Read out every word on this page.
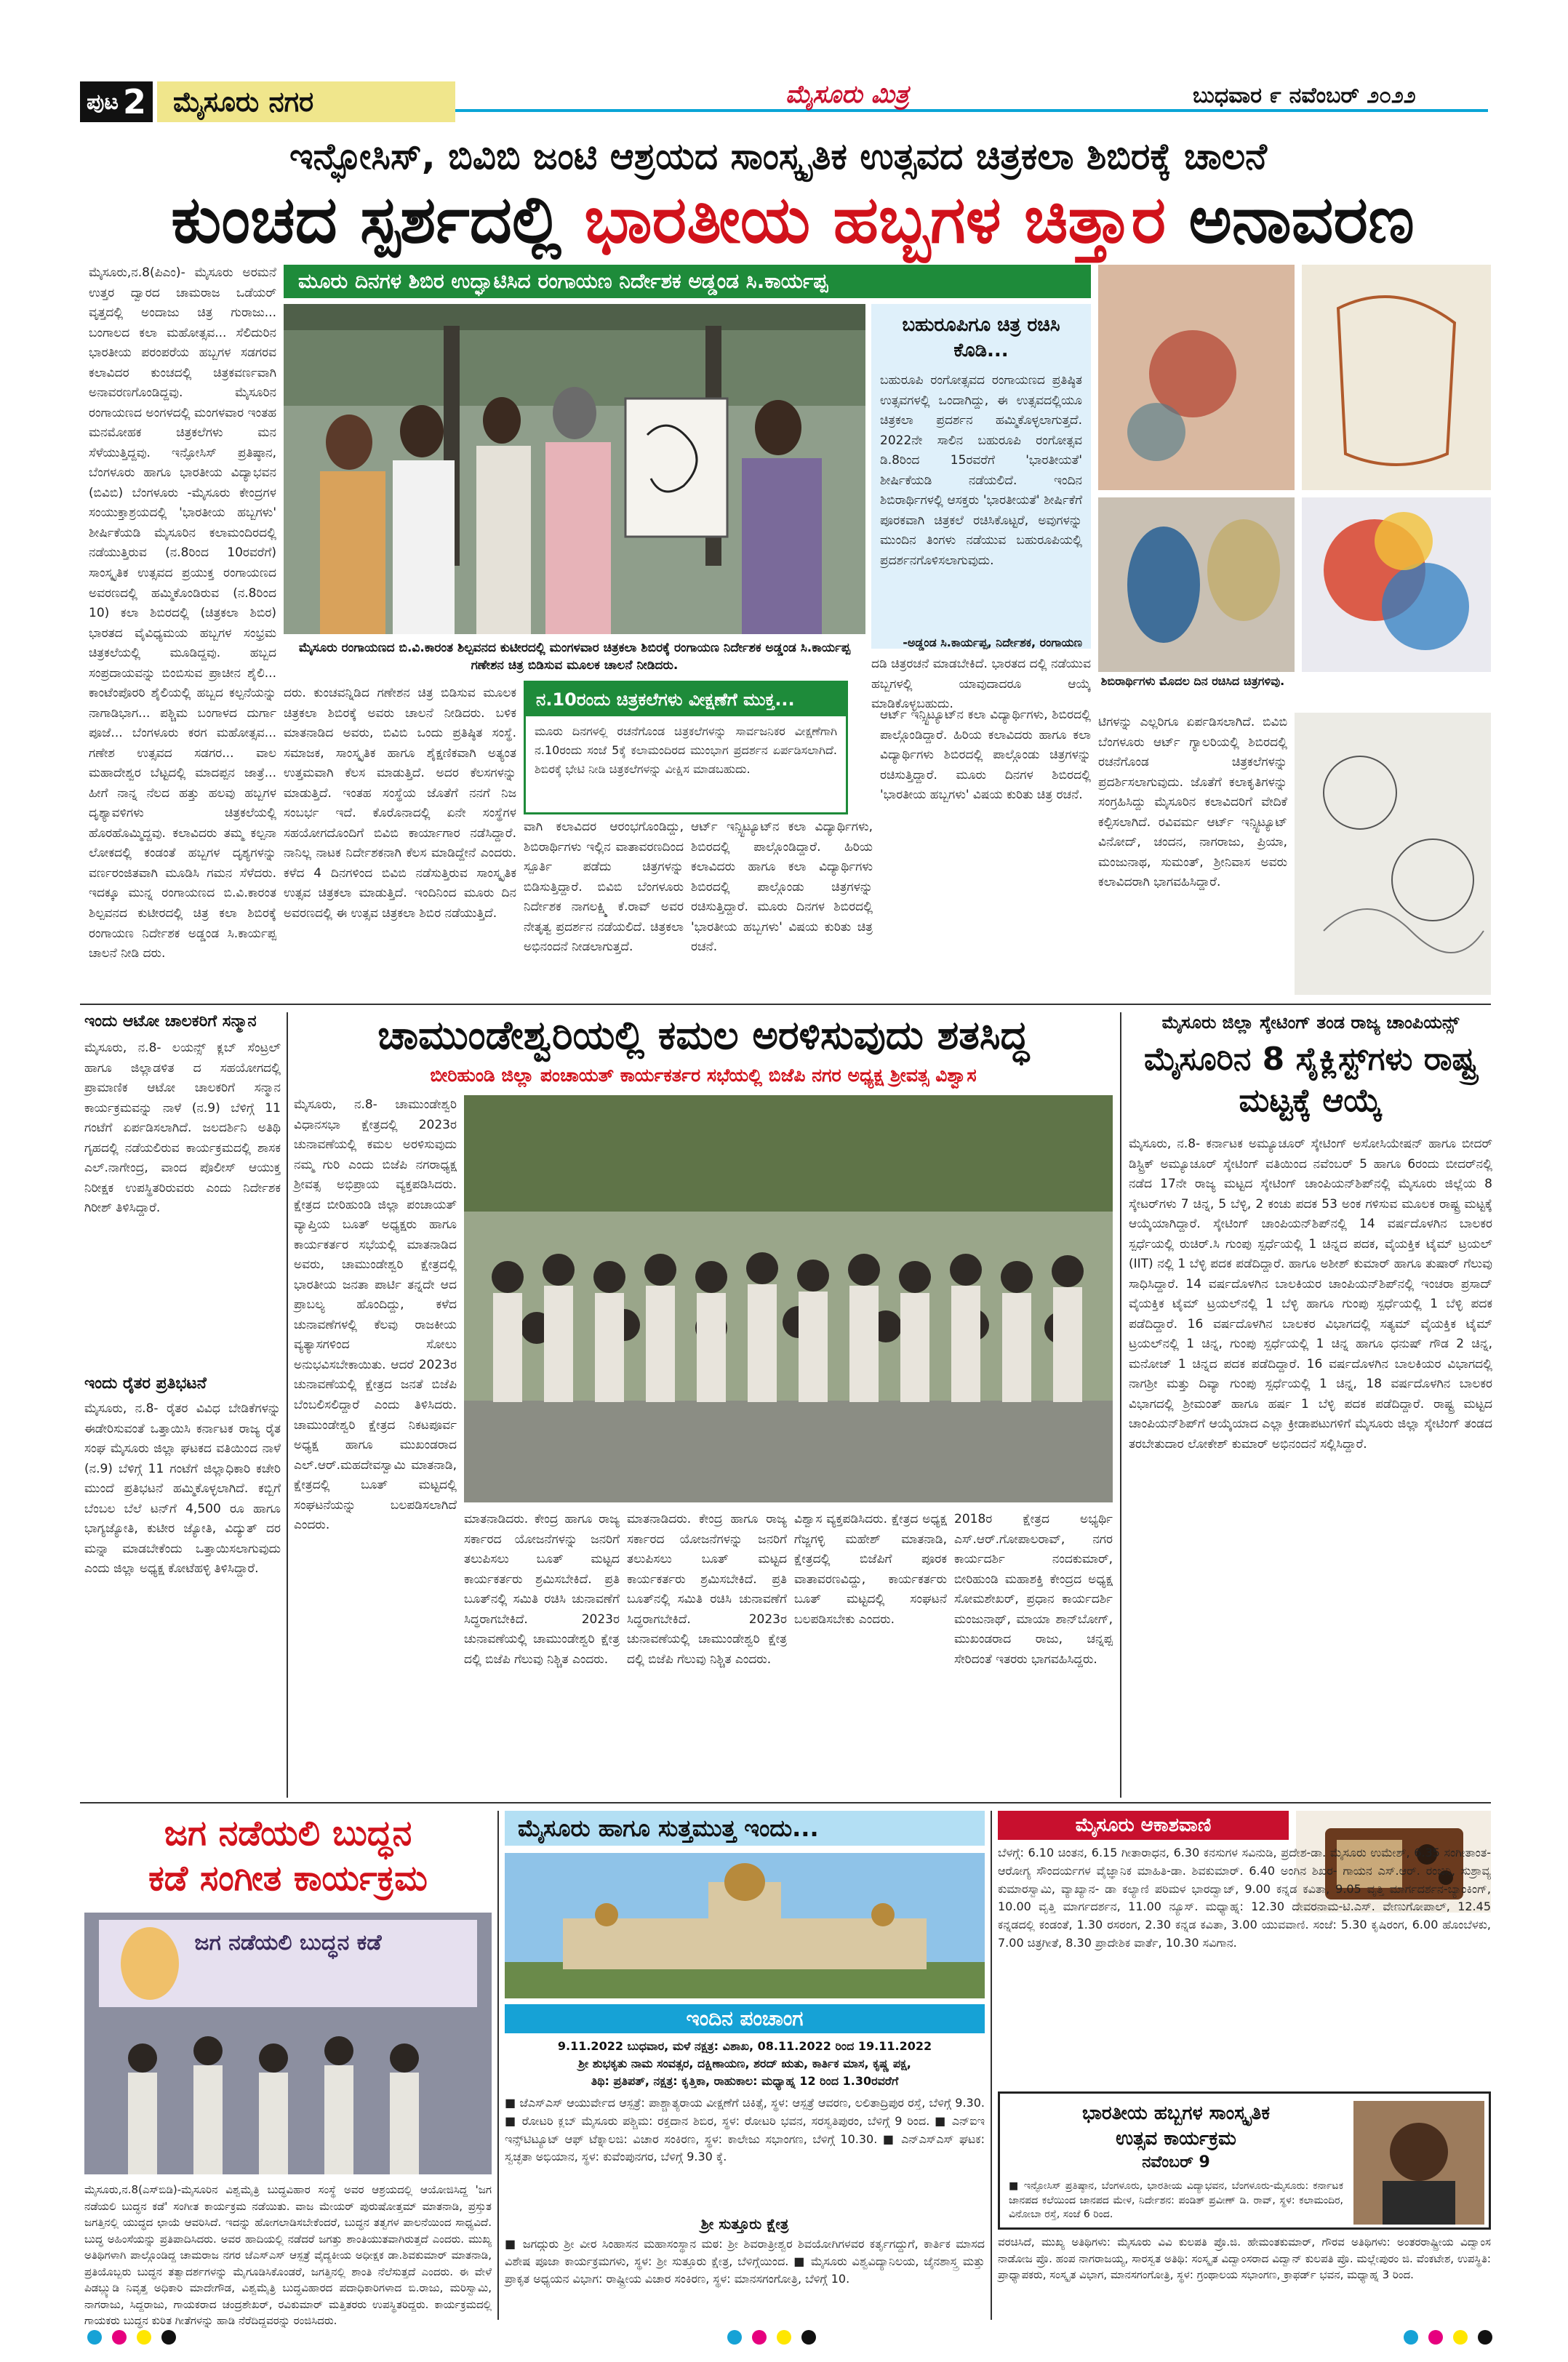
ಪುಟ 2 ಮೈಸೂರು ನಗರ	ಮೈಸೂರು ಮಿತ್ರ	ಬುಧವಾರ ೯ ನವೆಂಬರ್ ೨೦೨೨
ಇನ್ಫೋಸಿಸ್, ಬಿವಿಬಿ ಜಂಟಿ ಆಶ್ರಯದ ಸಾಂಸ್ಕೃತಿಕ ಉತ್ಸವದ ಚಿತ್ರಕಲಾ ಶಿಬಿರಕ್ಕೆ ಚಾಲನೆ
ಕುಂಚದ ಸ್ಪರ್ಶದಲ್ಲಿ ಭಾರತೀಯ ಹಬ್ಬಗಳ ಚಿತ್ತಾರ ಅನಾವರಣ
ಮೈಸೂರು,ನ.8(ಪಿಎಂ)- ಮೈಸೂರು ಅರಮನೆ ಉತ್ತರ ದ್ವಾರದ ಚಾಮರಾಜ ಒಡೆಯರ್ ವೃತ್ತದಲ್ಲಿ ಅಂದಾಜು ಚಿತ್ರ ಗುರಾಜು... ಬಂಗಾಲದ ಕಲಾ ಮಹೋತ್ಸವ... ಸೆಲಿದುರಿನ ಭಾರತೀಯ ಪರಂಪರೆಯ ಹಬ್ಬಗಳ ಸಡಗರವ ಕಲಾವಿದರ ಕುಂಚದಲ್ಲಿ ಚಿತ್ರಕವರ್ಣವಾಗಿ ಅನಾವರಣಗೊಂಡಿದ್ದವು. ಮೈಸೂರಿನ ರಂಗಾಯಣದ ಅಂಗಳದಲ್ಲಿ ಮಂಗಳವಾರ ಇಂತಹ ಮನಮೋಹಕ ಚಿತ್ರಕಲೆಗಳು ಮನ ಸೆಳೆಯುತ್ತಿದ್ದವು. ಇನ್ಫೋಸಿಸ್ ಪ್ರತಿಷ್ಠಾನ, ಬೆಂಗಳೂರು ಹಾಗೂ ಭಾರತೀಯ ವಿದ್ಯಾಭವನ (ಬಿವಿಬಿ) ಬೆಂಗಳೂರು -ಮೈಸೂರು ಕೇಂದ್ರಗಳ ಸಂಯುಕ್ತಾಶ್ರಯದಲ್ಲಿ 'ಭಾರತೀಯ ಹಬ್ಬಗಳು' ಶೀರ್ಷಿಕೆಯಡಿ ಮೈಸೂರಿನ ಕಲಾಮಂದಿರದಲ್ಲಿ ನಡೆಯುತ್ತಿರುವ (ನ.8ರಿಂದ 10ರವರೆಗೆ) ಸಾಂಸ್ಕೃತಿಕ ಉತ್ಸವದ ಪ್ರಯುಕ್ತ ರಂಗಾಯಣದ ಅವರಣದಲ್ಲಿ ಹಮ್ಮಿಕೊಂಡಿರುವ (ನ.8ರಿಂದ 10) ಕಲಾ ಶಿಬಿರದಲ್ಲಿ (ಚಿತ್ರಕಲಾ ಶಿಬಿರ) ಭಾರತದ ವೈವಿಧ್ಯಮಯ ಹಬ್ಬಗಳ ಸಂಭ್ರಮ ಚಿತ್ರಕಲೆಯಲ್ಲಿ ಮೂಡಿದ್ದವು. ಹಬ್ಬದ ಸಂಪ್ರದಾಯವನ್ನು ಬಿಂಬಿಸುವ ಪ್ರಾಚೀನ ಶೈಲಿ... ಕಾಂಟೆಂಪೊರರಿ ಶೈಲಿಯಲ್ಲಿ ಹಬ್ಬದ ಕಲ್ಪನೆಯನ್ನು ನಾಗಾಡಿಭಾಗ... ಪಶ್ಚಿಮ ಬಂಗಾಳದ ದುರ್ಗಾ ಪೂಜೆ... ಬೆಂಗಳೂರು ಕರಗ ಮಹೋತ್ಸವ... ಗಣೇಶ ಉತ್ಸವದ ಸಡಗರ... ವಾಲ ಮಹಾದೇಶ್ವರ ಬೆಟ್ಟದಲ್ಲಿ ಮಾದಪ್ಪನ ಜಾತ್ರೆ... ಹೀಗೆ ನಾನ್ನ ನೆಲದ ಹತ್ತು ಹಲವು ಹಬ್ಬಗಳ ದೃಶ್ಯಾವಳಿಗಳು ಚಿತ್ರಕಲೆಯಲ್ಲಿ ಹೊರಹೊಮ್ಮಿದ್ದವು. ಕಲಾವಿದರು ತಮ್ಮ ಕಲ್ಪನಾ ಲೋಕದಲ್ಲಿ ಕಂಡಂತೆ ಹಬ್ಬಗಳ ದೃಶ್ಯಗಳನ್ನು ವರ್ಣರಂಜಿತವಾಗಿ ಮೂಡಿಸಿ ಗಮನ ಸೆಳೆದರು. ಇದಕ್ಕೂ ಮುನ್ನ ರಂಗಾಯಣದ ಬಿ.ವಿ.ಕಾರಂತ ಶಿಲ್ಪವನದ ಕುಟೀರದಲ್ಲಿ ಚಿತ್ರ ಕಲಾ ಶಿಬಿರಕ್ಕೆ ರಂಗಾಯಣ ನಿರ್ದೇಶಕ ಅಡ್ಡಂಡ ಸಿ.ಕಾರ್ಯಪ್ಪ ಚಾಲನೆ ನೀಡಿ ದರು.
ಮೂರು ದಿನಗಳ ಶಿಬಿರ ಉದ್ಘಾಟಿಸಿದ ರಂಗಾಯಣ ನಿರ್ದೇಶಕ ಅಡ್ಡಂಡ ಸಿ.ಕಾರ್ಯಪ್ಪ
ಬಹುರೂಪಿಗೂ ಚಿತ್ರ ರಚಿಸಿ ಕೊಡಿ...
ಬಹುರೂಪಿ ರಂಗೋತ್ಸವದ ರಂಗಾಯಣದ ಪ್ರತಿಷ್ಠಿತ ಉತ್ಸವಗಳಲ್ಲಿ ಒಂದಾಗಿದ್ದು, ಈ ಉತ್ಸವದಲ್ಲಿಯೂ ಚಿತ್ರಕಲಾ ಪ್ರದರ್ಶನ ಹಮ್ಮಿಕೊಳ್ಳಲಾಗುತ್ತದೆ. 2022ನೇ ಸಾಲಿನ ಬಹುರೂಪಿ ರಂಗೋತ್ಸವ ಡಿ.8ರಿಂದ 15ರವರೆಗೆ 'ಭಾರತೀಯತೆ' ಶೀರ್ಷಿಕೆಯಡಿ ನಡೆಯಲಿದೆ. ಇಂದಿನ ಶಿಬಿರಾರ್ಥಿಗಳಲ್ಲಿ ಆಸಕ್ತರು 'ಭಾರತೀಯತೆ' ಶೀರ್ಷಿಕೆಗೆ ಪೂರಕವಾಗಿ ಚಿತ್ರಕಲೆ ರಚಿಸಿಕೊಟ್ಟರೆ, ಅವುಗಳನ್ನು ಮುಂದಿನ ತಿಂಗಳು ನಡೆಯುವ ಬಹುರೂಪಿಯಲ್ಲಿ ಪ್ರದರ್ಶನಗೊಳಿಸಲಾಗುವುದು.
-ಅಡ್ಡಂಡ ಸಿ.ಕಾರ್ಯಪ್ಪ, ನಿರ್ದೇಶಕ, ರಂಗಾಯಣ
ಮೈಸೂರು ರಂಗಾಯಣದ ಬಿ.ವಿ.ಕಾರಂತ ಶಿಲ್ಪವನದ ಕುಟೀರದಲ್ಲಿ ಮಂಗಳವಾರ ಚಿತ್ರಕಲಾ ಶಿಬಿರಕ್ಕೆ ರಂಗಾಯಣ ನಿರ್ದೇಶಕ ಅಡ್ಡಂಡ ಸಿ.ಕಾರ್ಯಪ್ಪ ಗಣೇಶನ ಚಿತ್ರ ಬಿಡಿಸುವ ಮೂಲಕ ಚಾಲನೆ ನೀಡಿದರು.	ದಡಿ ಚಿತ್ರರಚನೆ ಮಾಡಬೇಕಿದೆ. ಭಾರತದ ದಲ್ಲಿ ನಡೆಯುವ ಹಬ್ಬಗಳಲ್ಲಿ ಯಾವುದಾದರೂ ಆಯ್ಕೆ ಮಾಡಿಕೊಳ್ಳಬಹುದು.
ಶಿಬಿರಾರ್ಥಿಗಳು ಮೊದಲ ದಿನ ರಚಿಸಿದ ಚಿತ್ರಗಳಿವು.
ನ.10ರಂದು ಚಿತ್ರಕಲೆಗಳು ವೀಕ್ಷಣೆಗೆ ಮುಕ್ತ...
ಮೂರು ದಿನಗಳಲ್ಲಿ ರಚನೆಗೊಂಡ ಚಿತ್ರಕಲೆಗಳನ್ನು ಸಾರ್ವಜನಿಕರ ವೀಕ್ಷಣೆಗಾಗಿ ನ.10ರಂದು ಸಂಜೆ 5ಕ್ಕೆ ಕಲಾಮಂದಿರದ ಮುಂಭಾಗ ಪ್ರದರ್ಶನ ಏರ್ಪಡಿಸಲಾಗಿದೆ. ಶಿಬಿರಕ್ಕೆ ಭೇಟಿ ನೀಡಿ ಚಿತ್ರಕಲೆಗಳನ್ನು ವೀಕ್ಷಿಸ ಮಾಡಬಹುದು.
ದರು. ಕುಂಚವನ್ನಿಡಿದ ಗಣೇಶನ ಚಿತ್ರ ಬಿಡಿಸುವ ಮೂಲಕ ಚಿತ್ರಕಲಾ ಶಿಬಿರಕ್ಕೆ ಅವರು ಚಾಲನೆ ನೀಡಿದರು. ಬಳಿಕ ಮಾತನಾಡಿದ ಅವರು, ಬಿವಿಬಿ ಒಂದು ಪ್ರತಿಷ್ಠಿತ ಸಂಸ್ಥೆ. ಸಮಾಜಕ, ಸಾಂಸ್ಕೃತಿಕ ಹಾಗೂ ಶೈಕ್ಷಣಿಕವಾಗಿ ಅತ್ಯಂತ ಉತ್ತಮವಾಗಿ ಕೆಲಸ ಮಾಡುತ್ತಿದೆ. ಅದರ ಕೆಲಸಗಳನ್ನು ಮಾಡುತ್ತಿದೆ. ಇಂತಹ ಸಂಸ್ಥೆಯ ಜೊತೆಗೆ ನನಗೆ ನಿಜ ಸಂಬರ್ಭ ಇದೆ. ಕೊರೊನಾದಲ್ಲಿ ಏನೇ ಸಂಸ್ಥೆಗಳ ಸಹಯೋಗದೊಂದಿಗೆ ಬಿವಿಬಿ ಕಾರ್ಯಾಗಾರ ನಡೆಸಿದ್ದಾರೆ. ನಾನಿಲ್ಲ ನಾಟಕ ನಿರ್ದೇಶಕನಾಗಿ ಕೆಲಸ ಮಾಡಿದ್ದೇನೆ ಎಂದರು. ಕಳೆದ 4 ದಿನಗಳಿಂದ ಬಿವಿಬಿ ನಡೆಸುತ್ತಿರುವ ಸಾಂಸ್ಕೃತಿಕ ಉತ್ಸವ ಚಿತ್ರಕಲಾ ಮಾಡುತ್ತಿದೆ. ಇಂದಿನಿಂದ ಮೂರು ದಿನ ಅವರಣದಲ್ಲಿ ಈ ಉತ್ಸವ ಚಿತ್ರಕಲಾ ಶಿಬಿರ ನಡೆಯುತ್ತಿದೆ.
ವಾಗಿ ಕಲಾವಿದರ ಆರಂಭಗೊಂಡಿದ್ದು, ಶಿಬಿರಾರ್ಥಿಗಳು ಇಲ್ಲಿನ ವಾತಾವರಣದಿಂದ ಸ್ಪೂರ್ತಿ ಪಡೆದು ಚಿತ್ರಗಳನ್ನು ಬಿಡಿಸುತ್ತಿದ್ದಾರೆ. ಬಿವಿಬಿ ಬೆಂಗಳೂರು ನಿರ್ದೇಶಕ ನಾಗಲಕ್ಷ್ಮಿ ಕೆ.ರಾವ್ ಅವರ ನೇತೃತ್ವ ಪ್ರದರ್ಶನ ನಡೆಯಲಿದೆ. ಚಿತ್ರಕಲಾ ಅಭಿನಂದನೆ ನೀಡಲಾಗುತ್ತದೆ.
ಆರ್ಟ್ ಇನ್ಸ್ಟಿಟ್ಯೂಟ್‌ನ ಕಲಾ ವಿದ್ಯಾರ್ಥಿಗಳು, ಶಿಬಿರದಲ್ಲಿ ಪಾಲ್ಗೊಂಡಿದ್ದಾರೆ. ಹಿರಿಯ ಕಲಾವಿದರು ಹಾಗೂ ಕಲಾ ವಿದ್ಯಾರ್ಥಿಗಳು ಶಿಬಿರದಲ್ಲಿ ಪಾಲ್ಗೊಂಡು ಚಿತ್ರಗಳನ್ನು ರಚಿಸುತ್ತಿದ್ದಾರೆ. ಮೂರು ದಿನಗಳ ಶಿಬಿರದಲ್ಲಿ 'ಭಾರತೀಯ ಹಬ್ಬಗಳು' ವಿಷಯ ಕುರಿತು ಚಿತ್ರ ರಚನೆ.
ಆರ್ಟ್ ಇನ್ಸ್ಟಿಟ್ಯೂಟ್‌ನ ಕಲಾ ವಿದ್ಯಾರ್ಥಿಗಳು, ಶಿಬಿರದಲ್ಲಿ ಪಾಲ್ಗೊಂಡಿದ್ದಾರೆ. ಹಿರಿಯ ಕಲಾವಿದರು ಹಾಗೂ ಕಲಾ ವಿದ್ಯಾರ್ಥಿಗಳು ಶಿಬಿರದಲ್ಲಿ ಪಾಲ್ಗೊಂಡು ಚಿತ್ರಗಳನ್ನು ರಚಿಸುತ್ತಿದ್ದಾರೆ. ಮೂರು ದಿನಗಳ ಶಿಬಿರದಲ್ಲಿ 'ಭಾರತೀಯ ಹಬ್ಬಗಳು' ವಿಷಯ ಕುರಿತು ಚಿತ್ರ ರಚನೆ.
ಟಿಗಳನ್ನು ಎಲ್ಲರಿಗೂ ಏರ್ಪಡಿಸಲಾಗಿದೆ. ಬಿವಿಬಿ ಬೆಂಗಳೂರು ಆರ್ಟ್ ಗ್ಯಾಲರಿಯಲ್ಲಿ ಶಿಬಿರದಲ್ಲಿ ರಚನೆಗೊಂಡ ಚಿತ್ರಕಲೆಗಳನ್ನು ಪ್ರದರ್ಶಿಸಲಾಗುವುದು. ಜೊತೆಗೆ ಕಲಾಕೃತಿಗಳನ್ನು ಸಂಗ್ರಹಿಸಿದ್ದು ಮೈಸೂರಿನ ಕಲಾವಿದರಿಗೆ ವೇದಿಕೆ ಕಲ್ಪಿಸಲಾಗಿದೆ. ರವಿವರ್ಮ ಆರ್ಟ್ ಇನ್ಸ್ಟಿಟ್ಯೂಟ್ ವಿನೋದ್, ಚಂದನ, ನಾಗರಾಜು, ಪ್ರಿಯಾ, ಮಂಜುನಾಥ, ಸುಮಂತ್, ಶ್ರೀನಿವಾಸ ಅವರು ಕಲಾವಿದರಾಗಿ ಭಾಗವಹಿಸಿದ್ದಾರೆ.
ಇಂದು ಆಟೋ ಚಾಲಕರಿಗೆ ಸನ್ಮಾನ
ಮೈಸೂರು, ನ.8- ಲಯನ್ಸ್ ಕ್ಲಬ್ ಸೆಂಟ್ರಲ್ ಹಾಗೂ ಜಿಲ್ಲಾಡಳಿತ ದ ಸಹಯೋಗದಲ್ಲಿ ಪ್ರಾಮಾಣಿಕ ಆಟೋ ಚಾಲಕರಿಗೆ ಸನ್ಮಾನ ಕಾರ್ಯಕ್ರಮವನ್ನು ನಾಳೆ (ನ.9) ಬೆಳಿಗ್ಗೆ 11 ಗಂಟೆಗೆ ಏರ್ಪಡಿಸಲಾಗಿದೆ. ಜಲದರ್ಶಿನಿ ಅತಿಥಿ ಗೃಹದಲ್ಲಿ ನಡೆಯಲಿರುವ ಕಾರ್ಯಕ್ರಮದಲ್ಲಿ ಶಾಸಕ ಎಲ್.ನಾಗೇಂದ್ರ, ವಾಂದ ಪೊಲೀಸ್ ಆಯುಕ್ತ ನಿರೀಕ್ಷಕ ಉಪಸ್ಥಿತರಿರುವರು ಎಂದು ನಿರ್ದೇಶಕ ಗಿರೀಶ್ ತಿಳಿಸಿದ್ದಾರೆ.
ಇಂದು ರೈತರ ಪ್ರತಿಭಟನೆ
ಮೈಸೂರು, ನ.8- ರೈತರ ವಿವಿಧ ಬೇಡಿಕೆಗಳನ್ನು ಈಡೇರಿಸುವಂತೆ ಒತ್ತಾಯಿಸಿ ಕರ್ನಾಟಕ ರಾಜ್ಯ ರೈತ ಸಂಘ ಮೈಸೂರು ಜಿಲ್ಲಾ ಘಟಕದ ವತಿಯಿಂದ ನಾಳೆ (ನ.9) ಬೆಳಿಗ್ಗೆ 11 ಗಂಟೆಗೆ ಜಿಲ್ಲಾಧಿಕಾರಿ ಕಚೇರಿ ಮುಂದೆ ಪ್ರತಿಭಟನೆ ಹಮ್ಮಿಕೊಳ್ಳಲಾಗಿದೆ. ಕಬ್ಬಿಗೆ ಬೆಂಬಲ ಬೆಲೆ ಟನ್‌ಗೆ 4,500 ರೂ ಹಾಗೂ ಭಾಗ್ಯಜ್ಯೋತಿ, ಕುಟೀರ ಜ್ಯೋತಿ, ವಿದ್ಯುತ್ ದರ ಮನ್ನಾ ಮಾಡಬೇಕೆಂದು ಒತ್ತಾಯಿಸಲಾಗುವುದು ಎಂದು ಜಿಲ್ಲಾ ಅಧ್ಯಕ್ಷ ಕೋಟೆಹಳ್ಳಿ ತಿಳಿಸಿದ್ದಾರೆ.
ಚಾಮುಂಡೇಶ್ವರಿಯಲ್ಲಿ ಕಮಲ ಅರಳಿಸುವುದು ಶತಸಿದ್ಧ
ಬೀರಿಹುಂಡಿ ಜಿಲ್ಲಾ ಪಂಚಾಯತ್ ಕಾರ್ಯಕರ್ತರ ಸಭೆಯಲ್ಲಿ ಬಿಜೆಪಿ ನಗರ ಅಧ್ಯಕ್ಷ ಶ್ರೀವತ್ಸ ವಿಶ್ವಾಸ
ಮೈಸೂರು, ನ.8- ಚಾಮುಂಡೇಶ್ವರಿ ವಿಧಾನಸಭಾ ಕ್ಷೇತ್ರದಲ್ಲಿ 2023ರ ಚುನಾವಣೆಯಲ್ಲಿ ಕಮಲ ಅರಳಿಸುವುದು ನಮ್ಮ ಗುರಿ ಎಂದು ಬಿಜೆಪಿ ನಗರಾಧ್ಯಕ್ಷ ಶ್ರೀವತ್ಸ ಅಭಿಪ್ರಾಯ ವ್ಯಕ್ತಪಡಿಸಿದರು. ಕ್ಷೇತ್ರದ ಬೀರಿಹುಂಡಿ ಜಿಲ್ಲಾ ಪಂಚಾಯತ್ ವ್ಯಾಪ್ತಿಯ ಬೂತ್ ಅಧ್ಯಕ್ಷರು ಹಾಗೂ ಕಾರ್ಯಕರ್ತರ ಸಭೆಯಲ್ಲಿ ಮಾತನಾಡಿದ ಅವರು, ಚಾಮುಂಡೇಶ್ವರಿ ಕ್ಷೇತ್ರದಲ್ಲಿ ಭಾರತೀಯ ಜನತಾ ಪಾರ್ಟಿ ತನ್ನದೇ ಆದ ಪ್ರಾಬಲ್ಯ ಹೊಂದಿದ್ದು, ಕಳೆದ ಚುನಾವಣೆಗಳಲ್ಲಿ ಕೆಲವು ರಾಜಕೀಯ ವ್ಯತ್ಯಾಸಗಳಿಂದ ಸೋಲು ಅನುಭವಿಸಬೇಕಾಯಿತು. ಆದರೆ 2023ರ ಚುನಾವಣೆಯಲ್ಲಿ ಕ್ಷೇತ್ರದ ಜನತೆ ಬಿಜೆಪಿ ಬೆಂಬಲಿಸಲಿದ್ದಾರೆ ಎಂದು ತಿಳಿಸಿದರು. ಚಾಮುಂಡೇಶ್ವರಿ ಕ್ಷೇತ್ರದ ನಿಕಟಪೂರ್ವ ಅಧ್ಯಕ್ಷ ಹಾಗೂ ಮುಖಂಡರಾದ ಎಲ್.ಆರ್.ಮಹದೇವಸ್ವಾಮಿ ಮಾತನಾಡಿ, ಕ್ಷೇತ್ರದಲ್ಲಿ ಬೂತ್ ಮಟ್ಟದಲ್ಲಿ ಸಂಘಟನೆಯನ್ನು ಬಲಪಡಿಸಲಾಗಿದೆ ಎಂದರು.	ಮಾತನಾಡಿದರು. ಕೇಂದ್ರ ಹಾಗೂ ರಾಜ್ಯ ಸರ್ಕಾರದ ಯೋಜನೆಗಳನ್ನು ಜನರಿಗೆ ತಲುಪಿಸಲು ಬೂತ್ ಮಟ್ಟದ ಕಾರ್ಯಕರ್ತರು ಶ್ರಮಿಸಬೇಕಿದೆ. ಪ್ರತಿ ಬೂತ್‌ನಲ್ಲಿ ಸಮಿತಿ ರಚಿಸಿ ಚುನಾವಣೆಗೆ ಸಿದ್ಧರಾಗಬೇಕಿದೆ. 2023ರ ಚುನಾವಣೆಯಲ್ಲಿ ಚಾಮುಂಡೇಶ್ವರಿ ಕ್ಷೇತ್ರ ದಲ್ಲಿ ಬಿಜೆಪಿ ಗೆಲುವು ನಿಶ್ಚಿತ ಎಂದರು.
ಮಾತನಾಡಿದರು. ಕೇಂದ್ರ ಹಾಗೂ ರಾಜ್ಯ ಸರ್ಕಾರದ ಯೋಜನೆಗಳನ್ನು ಜನರಿಗೆ ತಲುಪಿಸಲು ಬೂತ್ ಮಟ್ಟದ ಕಾರ್ಯಕರ್ತರು ಶ್ರಮಿಸಬೇಕಿದೆ. ಪ್ರತಿ ಬೂತ್‌ನಲ್ಲಿ ಸಮಿತಿ ರಚಿಸಿ ಚುನಾವಣೆಗೆ ಸಿದ್ಧರಾಗಬೇಕಿದೆ. 2023ರ ಚುನಾವಣೆಯಲ್ಲಿ ಚಾಮುಂಡೇಶ್ವರಿ ಕ್ಷೇತ್ರ ದಲ್ಲಿ ಬಿಜೆಪಿ ಗೆಲುವು ನಿಶ್ಚಿತ ಎಂದರು.
ವಿಶ್ವಾಸ ವ್ಯಕ್ತಪಡಿಸಿದರು. ಕ್ಷೇತ್ರದ ಅಧ್ಯಕ್ಷ ಗೆಜ್ಜಗಳ್ಳಿ ಮಹೇಶ್ ಮಾತನಾಡಿ, ಕ್ಷೇತ್ರದಲ್ಲಿ ಬಿಜೆಪಿಗೆ ಪೂರಕ ವಾತಾವರಣವಿದ್ದು, ಕಾರ್ಯಕರ್ತರು ಬೂತ್ ಮಟ್ಟದಲ್ಲಿ ಸಂಘಟನೆ ಬಲಪಡಿಸಬೇಕು ಎಂದರು.
2018ರ ಕ್ಷೇತ್ರದ ಅಭ್ಯರ್ಥಿ ಎಸ್.ಆರ್.ಗೋಪಾಲರಾವ್, ನಗರ ಕಾರ್ಯದರ್ಶಿ ನಂದಕುಮಾರ್, ಬೀರಿಹುಂಡಿ ಮಹಾಶಕ್ತಿ ಕೇಂದ್ರದ ಅಧ್ಯಕ್ಷ ಸೋಮಶೇಖರ್, ಪ್ರಧಾನ ಕಾರ್ಯದರ್ಶಿ ಮಂಜುನಾಥ್, ಮಾಯಾ ಶಾನ್‌ಬೋಗ್, ಮುಖಂಡರಾದ ರಾಜು, ಚನ್ನಪ್ಪ ಸೇರಿದಂತೆ ಇತರರು ಭಾಗವಹಿಸಿದ್ದರು.
ಮೈಸೂರು ಜಿಲ್ಲಾ ಸ್ಕೇಟಿಂಗ್ ತಂಡ ರಾಜ್ಯ ಚಾಂಪಿಯನ್ಸ್
ಮೈಸೂರಿನ 8 ಸೈಕ್ಲಿಸ್ಟ್‌ಗಳು ರಾಷ್ಟ್ರ ಮಟ್ಟಕ್ಕೆ ಆಯ್ಕೆ
ಮೈಸೂರು, ನ.8- ಕರ್ನಾಟಕ ಅಮ್ಯೂಚೂರ್ ಸ್ಕೇಟಿಂಗ್ ಅಸೋಸಿಯೇಷನ್ ಹಾಗೂ ಬೀದರ್ ಡಿಸ್ಟ್ರಿಕ್ ಅಮ್ಯೂಚೂರ್ ಸ್ಕೇಟಿಂಗ್ ವತಿಯಿಂದ ನವೆಂಬರ್ 5 ಹಾಗೂ 6ರಂದು ಬೀದರ್‌ನಲ್ಲಿ ನಡೆದ 17ನೇ ರಾಜ್ಯ ಮಟ್ಟದ ಸ್ಕೇಟಿಂಗ್ ಚಾಂಪಿಯನ್‌ಶಿಪ್‌ನಲ್ಲಿ ಮೈಸೂರು ಜಿಲ್ಲೆಯ 8 ಸ್ಕೇಟರ್‌ಗಳು 7 ಚಿನ್ನ, 5 ಬೆಳ್ಳಿ, 2 ಕಂಚು ಪದಕ 53 ಅಂಕ ಗಳಿಸುವ ಮೂಲಕ ರಾಷ್ಟ್ರ ಮಟ್ಟಕ್ಕೆ ಆಯ್ಕೆಯಾಗಿದ್ದಾರೆ. ಸ್ಕೇಟಿಂಗ್ ಚಾಂಪಿಯನ್‌ಶಿಪ್‌ನಲ್ಲಿ 14 ವರ್ಷದೊಳಗಿನ ಬಾಲಕರ ಸ್ಪರ್ಧೆಯಲ್ಲಿ ರುಚಿರ್.ಸಿ ಗುಂಪು ಸ್ಪರ್ಧೆಯಲ್ಲಿ 1 ಚಿನ್ನದ ಪದಕ, ವೈಯಕ್ತಿಕ ಟೈಮ್ ಟ್ರಯಲ್ (IIT) ನಲ್ಲಿ 1 ಬೆಳ್ಳಿ ಪದಕ ಪಡೆದಿದ್ದಾರೆ. ಹಾಗೂ ಅಶೀಶ್ ಕುಮಾರ್ ಹಾಗೂ ತುಷಾರ್ ಗೆಲುವು ಸಾಧಿಸಿದ್ದಾರೆ. 14 ವರ್ಷದೊಳಗಿನ ಬಾಲಕಿಯರ ಚಾಂಪಿಯನ್‌ಶಿಪ್‌ನಲ್ಲಿ ಇಂಚರಾ ಪ್ರಸಾದ್ ವೈಯಕ್ತಿಕ ಟೈಮ್ ಟ್ರಯಲ್‌ನಲ್ಲಿ 1 ಬೆಳ್ಳಿ ಹಾಗೂ ಗುಂಪು ಸ್ಪರ್ಧೆಯಲ್ಲಿ 1 ಬೆಳ್ಳಿ ಪದಕ ಪಡೆದಿದ್ದಾರೆ. 16 ವರ್ಷದೊಳಗಿನ ಬಾಲಕರ ವಿಭಾಗದಲ್ಲಿ ಸತ್ಯಮ್ ವೈಯಕ್ತಿಕ ಟೈಮ್ ಟ್ರಯಲ್‌ನಲ್ಲಿ 1 ಚಿನ್ನ, ಗುಂಪು ಸ್ಪರ್ಧೆಯಲ್ಲಿ 1 ಚಿನ್ನ ಹಾಗೂ ಧನುಷ್ ಗೌಡ 2 ಚಿನ್ನ, ಮನೋಜ್ 1 ಚಿನ್ನದ ಪದಕ ಪಡೆದಿದ್ದಾರೆ. 16 ವರ್ಷದೊಳಗಿನ ಬಾಲಕಿಯರ ವಿಭಾಗದಲ್ಲಿ ನಾಗಶ್ರೀ ಮತ್ತು ದಿವ್ಯಾ ಗುಂಪು ಸ್ಪರ್ಧೆಯಲ್ಲಿ 1 ಚಿನ್ನ, 18 ವರ್ಷದೊಳಗಿನ ಬಾಲಕರ ವಿಭಾಗದಲ್ಲಿ ಶ್ರೀಮಂತ್ ಹಾಗೂ ಹರ್ಷ 1 ಬೆಳ್ಳಿ ಪದಕ ಪಡೆದಿದ್ದಾರೆ. ರಾಷ್ಟ್ರ ಮಟ್ಟದ ಚಾಂಪಿಯನ್‌ಶಿಪ್‌ಗೆ ಆಯ್ಕೆಯಾದ ಎಲ್ಲಾ ಕ್ರೀಡಾಪಟುಗಳಿಗೆ ಮೈಸೂರು ಜಿಲ್ಲಾ ಸ್ಕೇಟಿಂಗ್ ತಂಡದ ತರಬೇತುದಾರ ಲೋಕೇಶ್ ಕುಮಾರ್ ಅಭಿನಂದನೆ ಸಲ್ಲಿಸಿದ್ದಾರೆ.
ಜಗ ನಡೆಯಲಿ ಬುದ್ಧನ
ಕಡೆ ಸಂಗೀತ ಕಾರ್ಯಕ್ರಮ
ಜಗ ನಡೆಯಲಿ ಬುದ್ಧನ ಕಡೆ
ಮೈಸೂರು,ನ.8(ಎಸ್‌ಬಿಡಿ)-ಮೈಸೂರಿನ ವಿಶ್ವಮೈತ್ರಿ ಬುದ್ಧವಿಹಾರ ಸಂಸ್ಥೆ ಅವರ ಆಶ್ರಯದಲ್ಲಿ ಆಯೋಜಿಸಿದ್ದ 'ಜಗ ನಡೆಯಲಿ ಬುದ್ಧನ ಕಡೆ' ಸಂಗೀತ ಕಾರ್ಯಕ್ರಮ ನಡೆಯಿತು. ವಾಜ ಮೇಯರ್ ಪುರುಷೋತ್ತಮ್ ಮಾತನಾಡಿ, ಪ್ರಸ್ತುತ ಜಗತ್ತಿನಲ್ಲಿ ಯುದ್ಧದ ಛಾಯೆ ಆವರಿಸಿದೆ. ಇದನ್ನು ಹೋಗಲಾಡಿಸಬೇಕೆಂದರೆ, ಬುದ್ಧನ ತತ್ವಗಳ ಪಾಲನೆಯಿಂದ ಸಾಧ್ಯವಿದೆ. ಬುದ್ಧ ಅಹಿಂಸೆಯನ್ನು ಪ್ರತಿಪಾದಿಸಿದರು. ಅವರ ಹಾದಿಯಲ್ಲಿ ನಡೆದರೆ ಜಗತ್ತು ಶಾಂತಿಯುತವಾಗಿರುತ್ತದೆ ಎಂದರು. ಮುಖ್ಯ ಅತಿಥಿಗಳಾಗಿ ಪಾಲ್ಗೊಂಡಿದ್ದ ಚಾಮರಾಜ ನಗರ ಜೆಎಸ್‌ಎಸ್ ಆಸ್ಪತ್ರೆ ವೈದ್ಯಕೀಯ ಅಧೀಕ್ಷಕ ಡಾ.ಶಿವಕುಮಾರ್ ಮಾತನಾಡಿ, ಪ್ರತಿಯೊಬ್ಬರು ಬುದ್ಧನ ತತ್ವಾದರ್ಶಗಳನ್ನು ಮೈಗೂಡಿಸಿಕೊಂಡರೆ, ಜಗತ್ತಿನಲ್ಲಿ ಶಾಂತಿ ನೆಲೆಸುತ್ತದೆ ಎಂದರು. ಈ ವೇಳೆ ಪಿಡಬ್ಲ್ಯುಡಿ ನಿವೃತ್ತ ಅಧಿಕಾರಿ ಮಾದೇಗೌಡ, ವಿಶ್ವಮೈತ್ರಿ ಬುದ್ಧವಿಹಾರದ ಪದಾಧಿಕಾರಿಗಳಾದ ಬಿ.ರಾಜು, ಮರಿಸ್ವಾಮಿ, ನಾಗರಾಜು, ಸಿದ್ದರಾಜು, ಗಾಯಕರಾದ ಚಂದ್ರಶೇಖರ್, ರವಿಕುಮಾರ್ ಮತ್ತಿತರರು ಉಪಸ್ಥಿತರಿದ್ದರು. ಕಾರ್ಯಕ್ರಮದಲ್ಲಿ ಗಾಯಕರು ಬುದ್ಧನ ಕುರಿತ ಗೀತೆಗಳನ್ನು ಹಾಡಿ ನೆರೆದಿದ್ದವರನ್ನು ರಂಜಿಸಿದರು.
ಮೈಸೂರು ಹಾಗೂ ಸುತ್ತಮುತ್ತ ಇಂದು...
ಇಂದಿನ ಪಂಚಾಂಗ
9.11.2022 ಬುಧವಾರ, ಮಳೆ ನಕ್ಷತ್ರ: ವಿಶಾಖ, 08.11.2022 ರಿಂದ 19.11.2022
ಶ್ರೀ ಶುಭಕೃತು ನಾಮ ಸಂವತ್ಸರ, ದಕ್ಷಿಣಾಯಣ, ಶರದ್ ಋತು, ಕಾರ್ತಿಕ ಮಾಸ, ಕೃಷ್ಣ ಪಕ್ಷ,
ತಿಥಿ: ಪ್ರತಿಪತ್, ನಕ್ಷತ್ರ: ಕೃತ್ತಿಕಾ, ರಾಹುಕಾಲ: ಮಧ್ಯಾಹ್ನ 12 ರಿಂದ 1.30ರವರೆಗೆ
■ ಜೆಎಸ್‌ಎಸ್ ಆಯುರ್ವೇದ ಆಸ್ಪತ್ರೆ: ಪಾಶ್ಚಾತ್ಯರಾಯ ವೀಕ್ಷಣೆಗೆ ಚಿಕಿತ್ಸೆ, ಸ್ಥಳ: ಆಸ್ಪತ್ರೆ ಆವರಣ, ಲಲಿತಾದ್ರಿಪುರ ರಸ್ತೆ, ಬೆಳಿಗ್ಗೆ 9.30. ■ ರೋಟರಿ ಕ್ಲಬ್ ಮೈಸೂರು ಪಶ್ಚಿಮ: ರಕ್ತದಾನ ಶಿಬಿರ, ಸ್ಥಳ: ರೋಟರಿ ಭವನ, ಸರಸ್ವತಿಪುರಂ, ಬೆಳಿಗ್ಗೆ 9 ರಿಂದ. ■ ಎನ್‌ಐಇ ಇನ್ಸ್‌ಟಿಟ್ಯೂಟ್ ಆಫ್ ಟೆಕ್ನಾಲಜಿ: ವಿಚಾರ ಸಂಕಿರಣ, ಸ್ಥಳ: ಕಾಲೇಜು ಸಭಾಂಗಣ, ಬೆಳಿಗ್ಗೆ 10.30. ■ ಎನ್‌ಎಸ್‌ಎಸ್ ಘಟಕ: ಸ್ವಚ್ಛತಾ ಅಭಿಯಾನ, ಸ್ಥಳ: ಕುವೆಂಪುನಗರ, ಬೆಳಿಗ್ಗೆ 9.30 ಕ್ಕೆ.
ಶ್ರೀ ಸುತ್ತೂರು ಕ್ಷೇತ್ರ
■ ಜಗದ್ಗುರು ಶ್ರೀ ವೀರ ಸಿಂಹಾಸನ ಮಹಾಸಂಸ್ಥಾನ ಮಠ: ಶ್ರೀ ಶಿವರಾತ್ರೀಶ್ವರ ಶಿವಯೋಗಿಗಳವರ ಕರ್ತೃಗದ್ದುಗೆ, ಕಾರ್ತಿಕ ಮಾಸದ ವಿಶೇಷ ಪೂಜಾ ಕಾರ್ಯಕ್ರಮಗಳು, ಸ್ಥಳ: ಶ್ರೀ ಸುತ್ತೂರು ಕ್ಷೇತ್ರ, ಬೆಳಿಗ್ಗೆಯಿಂದ. ■ ಮೈಸೂರು ವಿಶ್ವವಿದ್ಯಾನಿಲಯ, ಜೈನಶಾಸ್ತ್ರ ಮತ್ತು ಪ್ರಾಕೃತ ಅಧ್ಯಯನ ವಿಭಾಗ: ರಾಷ್ಟ್ರೀಯ ವಿಚಾರ ಸಂಕಿರಣ, ಸ್ಥಳ: ಮಾನಸಗಂಗೋತ್ರಿ, ಬೆಳಿಗ್ಗೆ 10.
ಮೈಸೂರು ಆಕಾಶವಾಣಿ
ಬೆಳಗ್ಗೆ: 6.10 ಚಿಂತನ, 6.15 ಗೀತಾರಾಧನ, 6.30 ಕನಸುಗಳ ಸವಿನುಡಿ, ಪ್ರದೇಶ-ಡಾ. ಮೈಸೂರು ಉಮೇಶ್, 6.35 ಸಂಗೀತಾಂತ-ಆರೋಗ್ಯ ಸೌಂದರ್ಯಗಳ ವೈಜ್ಞಾನಿಕ ಮಾಹಿತಿ-ಡಾ. ಶಿವಕುಮಾರ್. 6.40 ಅಂಗಿನ ಶಿಖರ- ಗಾಯನ ಎಸ್.ಆರ್. ರಂಜಿನಿ, ಸುಶ್ರಾವ್ಯ ಕುಮಾರಸ್ವಾಮಿ, ವ್ಯಾಖ್ಯಾನ- ಡಾ ಕಲ್ಯಾಣಿ ಪರಿಮಳ ಭಾರದ್ವಾಜ್, 9.00 ಕನ್ನಡ ಕವಿತಾ, 9.05 ವೃತ್ತಿ ಮಾರ್ಗದರ್ಶನ-ಬ್ಯಾಂಕಿಂಗ್, 10.00 ವೃತ್ತಿ ಮಾರ್ಗದರ್ಶನ, 11.00 ನ್ಯೂಸ್. ಮಧ್ಯಾಹ್ನ: 12.30 ದೇವರನಾಮ-ಟಿ.ಎಸ್. ವೇಣುಗೋಪಾಲ್, 12.45 ಕನ್ನಡದಲ್ಲಿ ಕಂಡಂತೆ, 1.30 ರಸರಂಗ, 2.30 ಕನ್ನಡ ಕವಿತಾ, 3.00 ಯುವವಾಣಿ. ಸಂಜೆ: 5.30 ಕೃಷಿರಂಗ, 6.00 ಹೊಂಬೆಳಕು, 7.00 ಚಿತ್ರಗೀತೆ, 8.30 ಪ್ರಾದೇಶಿಕ ವಾರ್ತೆ, 10.30 ಸವಿಗಾನ.
ಭಾರತೀಯ ಹಬ್ಬಗಳ ಸಾಂಸ್ಕೃತಿಕ
ಉತ್ಸವ ಕಾರ್ಯಕ್ರಮ
ನವೆಂಬರ್ 9
■ ಇನ್ಫೋಸಿಸ್ ಪ್ರತಿಷ್ಠಾನ, ಬೆಂಗಳೂರು, ಭಾರತೀಯ ವಿದ್ಯಾಭವನ, ಬೆಂಗಳೂರು-ಮೈಸೂರು: ಕರ್ನಾಟಕ ಜಾನಪದ ಕಲೆಯಿಂದ ಜಾನಪದ ಮೇಳ, ನಿರ್ದೇಶನ: ಪಂಡಿತ್ ಪ್ರವೀಣ್ ಡಿ. ರಾವ್, ಸ್ಥಳ: ಕಲಾಮಂದಿರ, ವಿನೋಬಾ ರಸ್ತೆ, ಸಂಜೆ 6 ರಿಂದ.
ವರಚಿಸಿದೆ, ಮುಖ್ಯ ಅತಿಥಿಗಳು: ಮೈಸೂರು ವಿವಿ ಕುಲಪತಿ ಪ್ರೊ.ಜಿ. ಹೇಮಂತಕುಮಾರ್, ಗೌರವ ಅತಿಥಿಗಳು: ಅಂತರರಾಷ್ಟ್ರೀಯ ವಿದ್ವಾಂಸ ನಾಡೋಜ ಪ್ರೊ. ಹಂಪ ನಾಗರಾಜಯ್ಯ, ಸಾರಸ್ವತ ಅತಿಥಿ: ಸಂಸ್ಕೃತ ವಿದ್ವಾಂಸರಾದ ವಿದ್ವಾನ್ ಕುಲಪತಿ ಪ್ರೊ. ಮಲ್ಲೇಪುರಂ ಜಿ. ವೆಂಕಟೇಶ, ಉಪಸ್ಥಿತಿ: ಪ್ರಾಧ್ಯಾಪಕರು, ಸಂಸ್ಕೃತ ವಿಭಾಗ, ಮಾನಸಗಂಗೋತ್ರಿ, ಸ್ಥಳ: ಗ್ರಂಥಾಲಯ ಸಭಾಂಗಣ, ಕ್ರಾಫರ್ಡ್ ಭವನ, ಮಧ್ಯಾಹ್ನ 3 ರಿಂದ.
